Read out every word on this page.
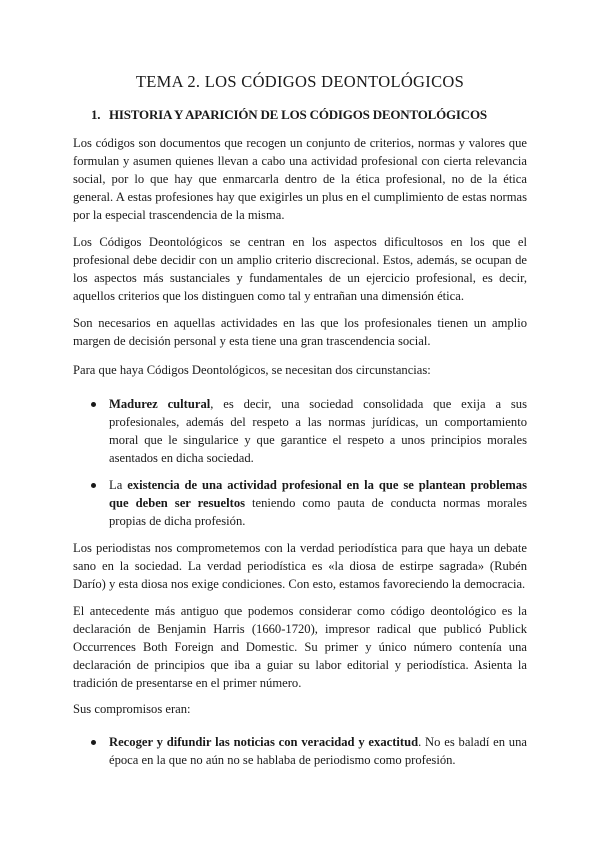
TEMA 2. LOS CÓDIGOS DEONTOLÓGICOS
1. HISTORIA Y APARICIÓN DE LOS CÓDIGOS DEONTOLÓGICOS

Los códigos son documentos que recogen un conjunto de criterios, normas y valores que formulan y asumen quienes llevan a cabo una actividad profesional con cierta relevancia social, por lo que hay que enmarcarla dentro de la ética profesional, no de la ética general. A estas profesiones hay que exigirles un plus en el cumplimiento de estas normas por la especial trascendencia de la misma.

Los Códigos Deontológicos se centran en los aspectos dificultosos en los que el profesional debe decidir con un amplio criterio discrecional. Estos, además, se ocupan de los aspectos más sustanciales y fundamentales de un ejercicio profesional, es decir, aquellos criterios que los distinguen como tal y entrañan una dimensión ética.

Son necesarios en aquellas actividades en las que los profesionales tienen un amplio margen de decisión personal y esta tiene una gran trascendencia social.

Para que haya Códigos Deontológicos, se necesitan dos circunstancias:

Madurez cultural, es decir, una sociedad consolidada que exija a sus profesionales, además del respeto a las normas jurídicas, un comportamiento moral que le singularice y que garantice el respeto a unos principios morales asentados en dicha sociedad.
La existencia de una actividad profesional en la que se plantean problemas que deben ser resueltos teniendo como pauta de conducta normas morales propias de dicha profesión.

Los periodistas nos comprometemos con la verdad periodística para que haya un debate sano en la sociedad. La verdad periodística es «la diosa de estirpe sagrada» (Rubén Darío) y esta diosa nos exige condiciones. Con esto, estamos favoreciendo la democracia.

El antecedente más antiguo que podemos considerar como código deontológico es la declaración de Benjamin Harris (1660-1720), impresor radical que publicó Publick Occurrences Both Foreign and Domestic. Su primer y único número contenía una declaración de principios que iba a guiar su labor editorial y periodística. Asienta la tradición de presentarse en el primer número.

Sus compromisos eran:

Recoger y difundir las noticias con veracidad y exactitud. No es baladí en una época en la que no aún no se hablaba de periodismo como profesión.
